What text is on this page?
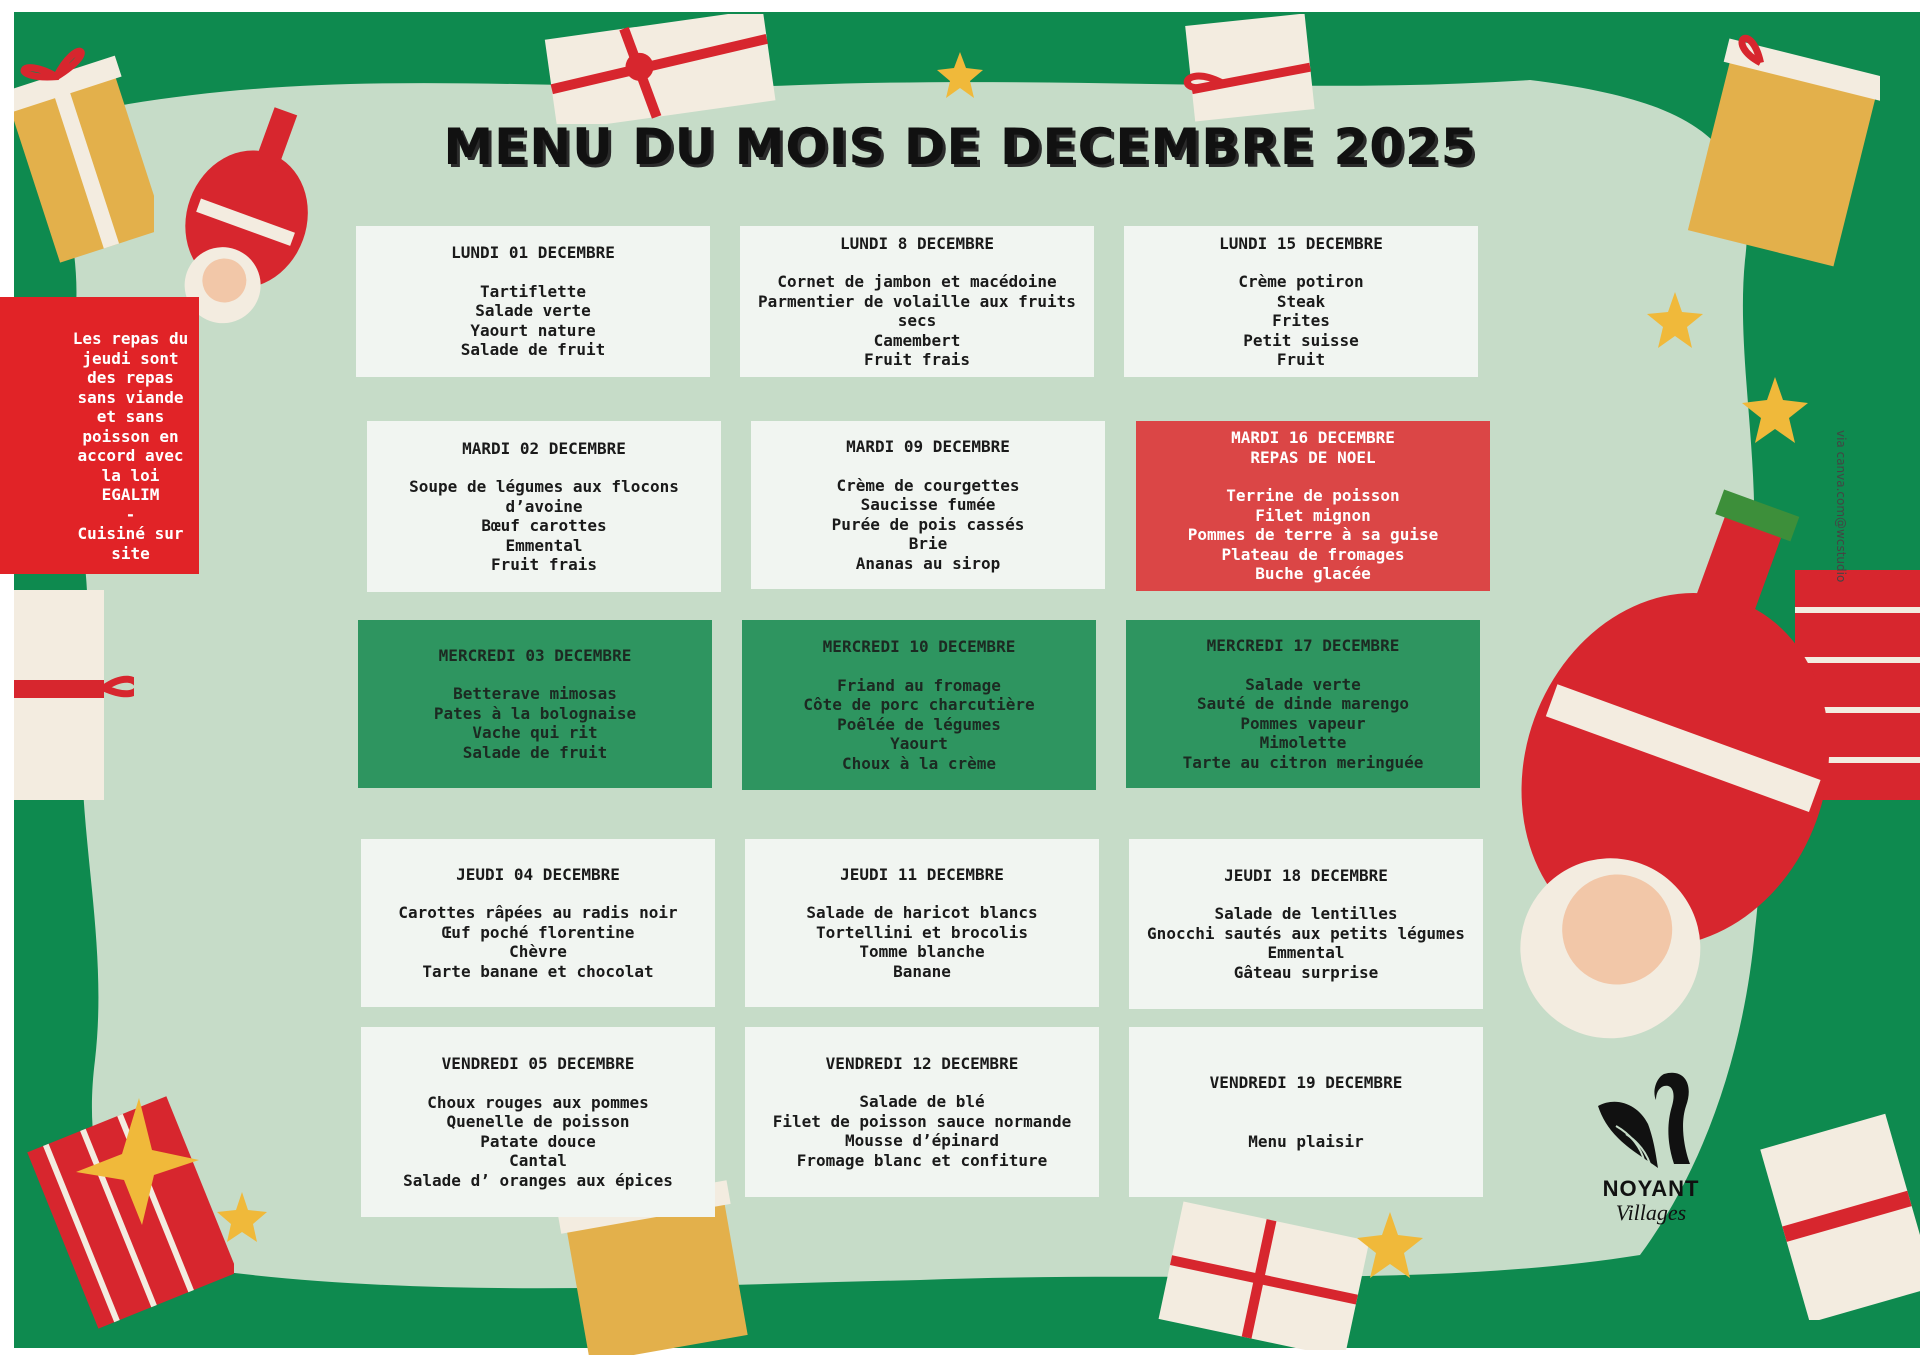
MENU DU MOIS DE DECEMBRE 2025
Les repas du
jeudi sont
des repas
sans viande
et sans
poisson en
accord avec
la loi EGALIM
-
Cuisiné sur
site
LUNDI 01 DECEMBRE
Tartiflette
Salade verte
Yaourt nature
Salade de fruit
LUNDI 8 DECEMBRE
Cornet de jambon et macédoine
Parmentier de volaille aux fruits secs
Camembert
Fruit frais
LUNDI 15 DECEMBRE
Crème potiron
Steak
Frites
Petit suisse
Fruit
MARDI 02 DECEMBRE
Soupe de légumes aux flocons d’avoine
Bœuf carottes
Emmental
Fruit frais
MARDI 09 DECEMBRE
Crème de courgettes
Saucisse fumée
Purée de pois cassés
Brie
Ananas au sirop
MARDI 16 DECEMBRE
REPAS DE NOEL
Terrine de poisson
Filet mignon
Pommes de terre à sa guise
Plateau de fromages
Buche glacée
MERCREDI 03 DECEMBRE
Betterave mimosas
Pates à la bolognaise
Vache qui rit
Salade de fruit
MERCREDI 10 DECEMBRE
Friand au fromage
Côte de porc charcutière
Poêlée de légumes
Yaourt
Choux à la crème
MERCREDI 17 DECEMBRE
Salade verte
Sauté de dinde marengo
Pommes vapeur
Mimolette
Tarte au citron meringuée
JEUDI 04 DECEMBRE
Carottes râpées au radis noir
Œuf poché florentine
Chèvre
Tarte banane et chocolat
JEUDI 11 DECEMBRE
Salade de haricot blancs
Tortellini et brocolis
Tomme blanche
Banane
JEUDI 18 DECEMBRE
Salade de lentilles
Gnocchi sautés aux petits légumes
Emmental
Gâteau surprise
VENDREDI 05 DECEMBRE
Choux rouges aux pommes
Quenelle de poisson
Patate douce
Cantal
Salade d’ oranges aux épices
VENDREDI 12 DECEMBRE
Salade de blé
Filet de poisson sauce normande
Mousse d’épinard
Fromage blanc et confiture
VENDREDI 19 DECEMBRE
Menu plaisir
NOYANT
Villages
via canva.com@wcstudio
